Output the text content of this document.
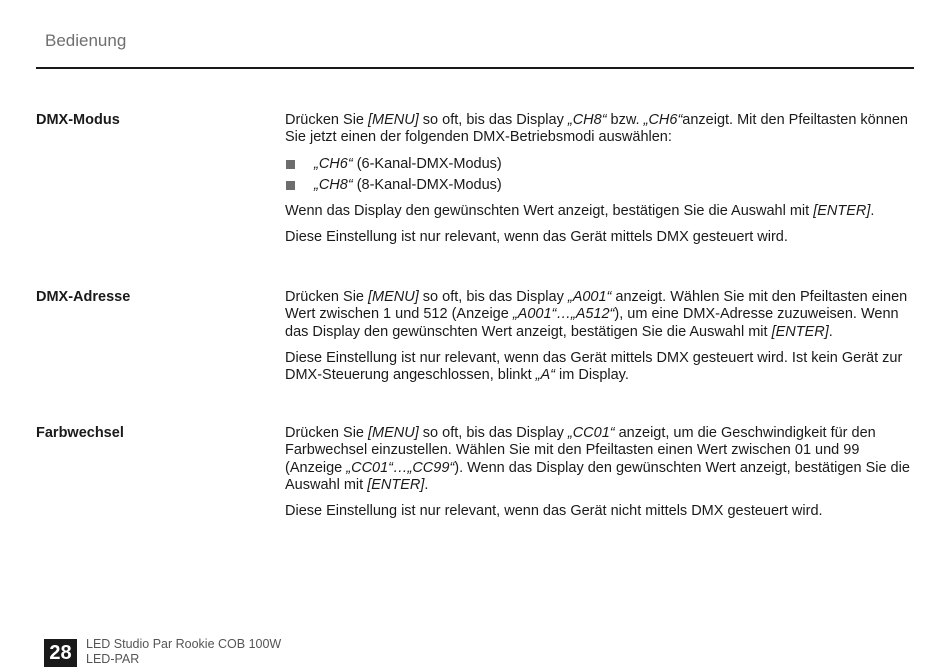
Bedienung
DMX-Modus	Drücken Sie [MENU] so oft, bis das Display „CH8“ bzw. „CH6“anzeigt. Mit den Pfeiltasten können Sie jetzt einen der folgenden DMX-Betriebsmodi auswählen:

„CH6“ (6-Kanal-DMX-Modus)
„CH8“ (8-Kanal-DMX-Modus)

Wenn das Display den gewünschten Wert anzeigt, bestätigen Sie die Auswahl mit [ENTER].

Diese Einstellung ist nur relevant, wenn das Gerät mittels DMX gesteuert wird.

DMX-Adresse	Drücken Sie [MENU] so oft, bis das Display „A001“ anzeigt. Wählen Sie mit den Pfeiltasten einen Wert zwischen 1 und 512 (Anzeige „A001“…„A512“), um eine DMX-Adresse zuzuweisen. Wenn das Display den gewünschten Wert anzeigt, bestätigen Sie die Auswahl mit [ENTER].

Diese Einstellung ist nur relevant, wenn das Gerät mittels DMX gesteuert wird. Ist kein Gerät zur DMX-Steuerung angeschlossen, blinkt „A“ im Display.

Farbwechsel	Drücken Sie [MENU] so oft, bis das Display „CC01“ anzeigt, um die Geschwindigkeit für den Farbwechsel einzustellen. Wählen Sie mit den Pfeiltasten einen Wert zwischen 01 und 99 (Anzeige „CC01“…„CC99“). Wenn das Display den gewünschten Wert anzeigt, bestätigen Sie die Auswahl mit [ENTER].

Diese Einstellung ist nur relevant, wenn das Gerät nicht mittels DMX gesteuert wird.

28	LED Studio Par Rookie COB 100W
LED-PAR
